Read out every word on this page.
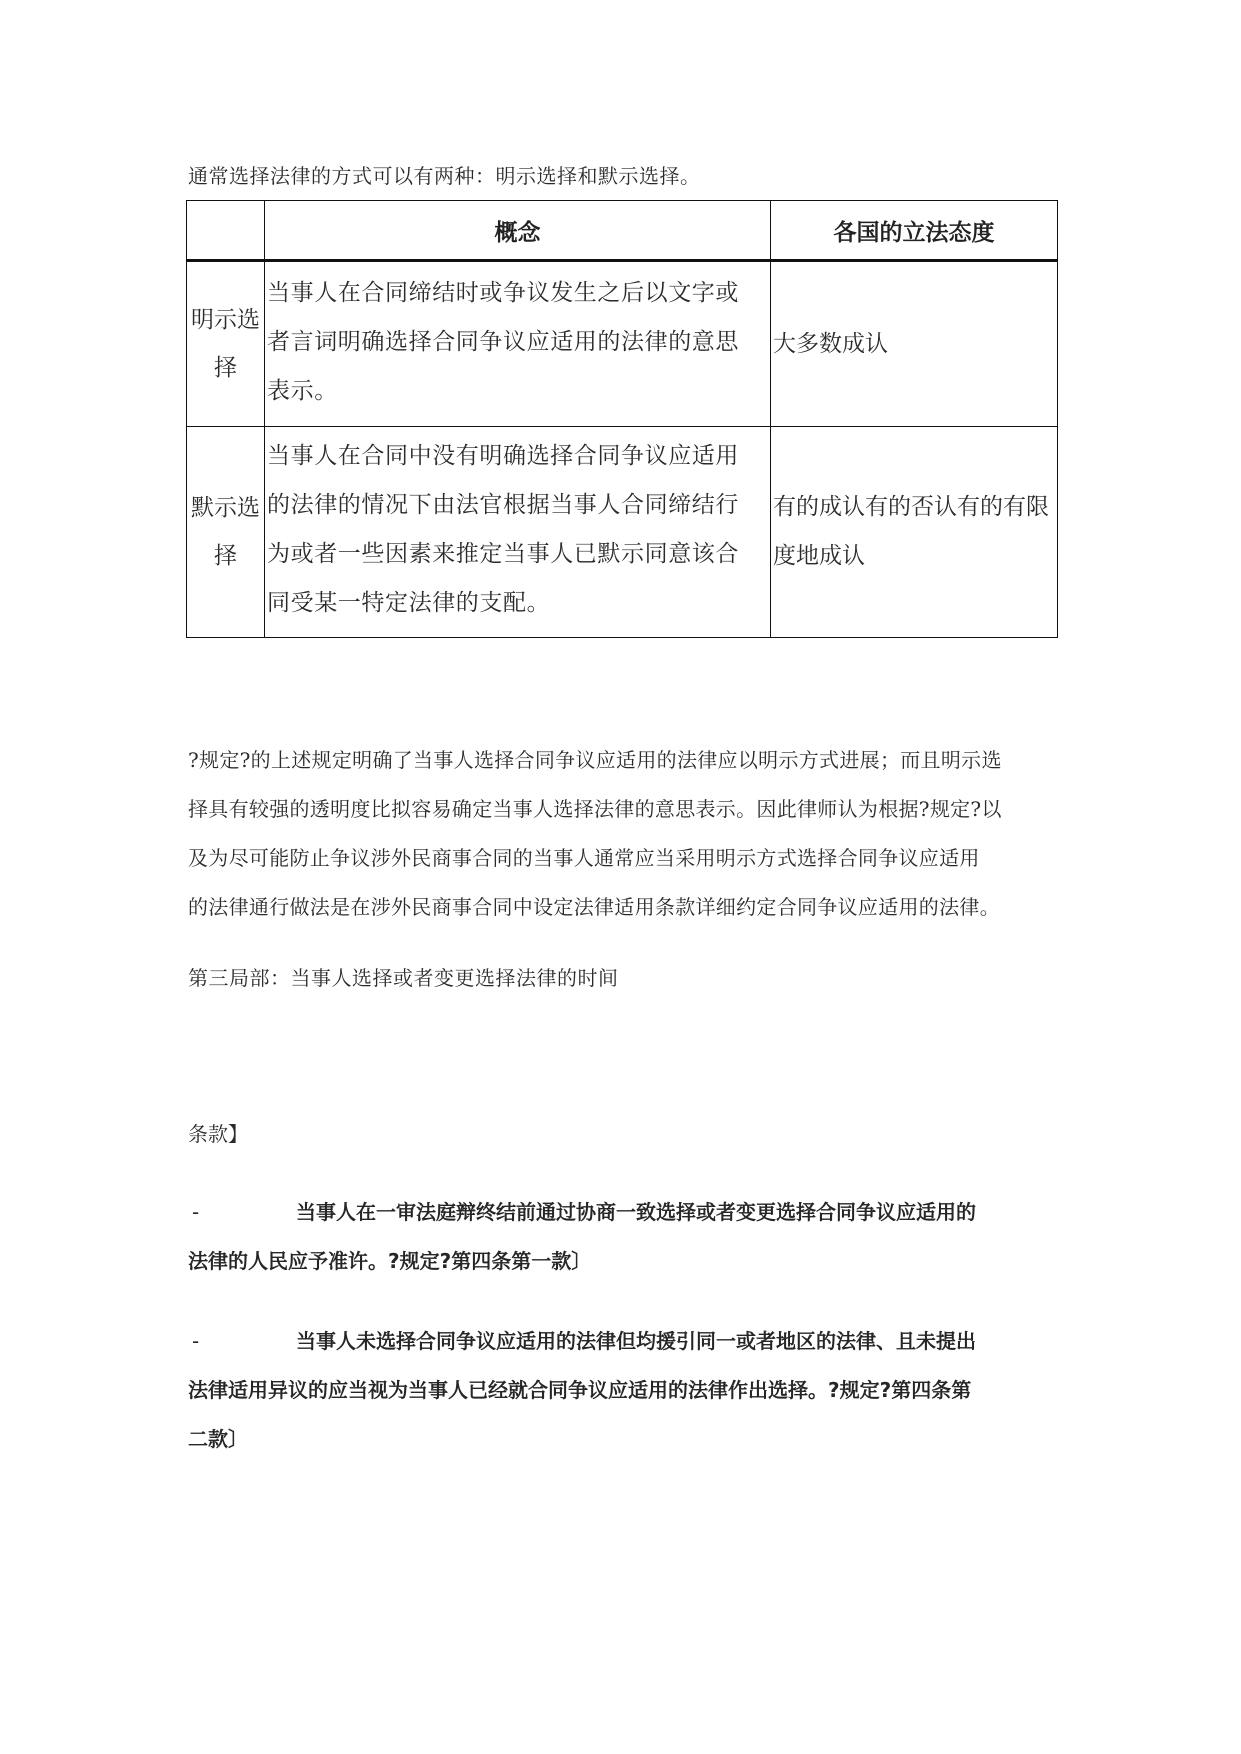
通常选择法律的方式可以有两种：明示选择和默示选择。
	概念	各国的立法态度
明示选择	当事人在合同缔结时或争议发生之后以文字或者言词明确选择合同争议应适用的法律的意思表示。	大多数成认
默示选择	当事人在合同中没有明确选择合同争议应适用的法律的情况下由法官根据当事人合同缔结行为或者一些因素来推定当事人已默示同意该合同受某一特定法律的支配。	有的成认有的否认有的有限度地成认
?规定?的上述规定明确了当事人选择合同争议应适用的法律应以明示方式进展；而且明示选
择具有较强的透明度比拟容易确定当事人选择法律的意思表示。因此律师认为根据?规定?以
及为尽可能防止争议涉外民商事合同的当事人通常应当采用明示方式选择合同争议应适用
的法律通行做法是在涉外民商事合同中设定法律适用条款详细约定合同争议应适用的法律。
第三局部：当事人选择或者变更选择法律的时间
条款】
-	当事人在一审法庭辩终结前通过协商一致选择或者变更选择合同争议应适用的
法律的人民应予准许。?规定?第四条第一款〕
-	当事人未选择合同争议应适用的法律但均援引同一或者地区的法律、且未提出
法律适用异议的应当视为当事人已经就合同争议应适用的法律作出选择。?规定?第四条第
二款〕
